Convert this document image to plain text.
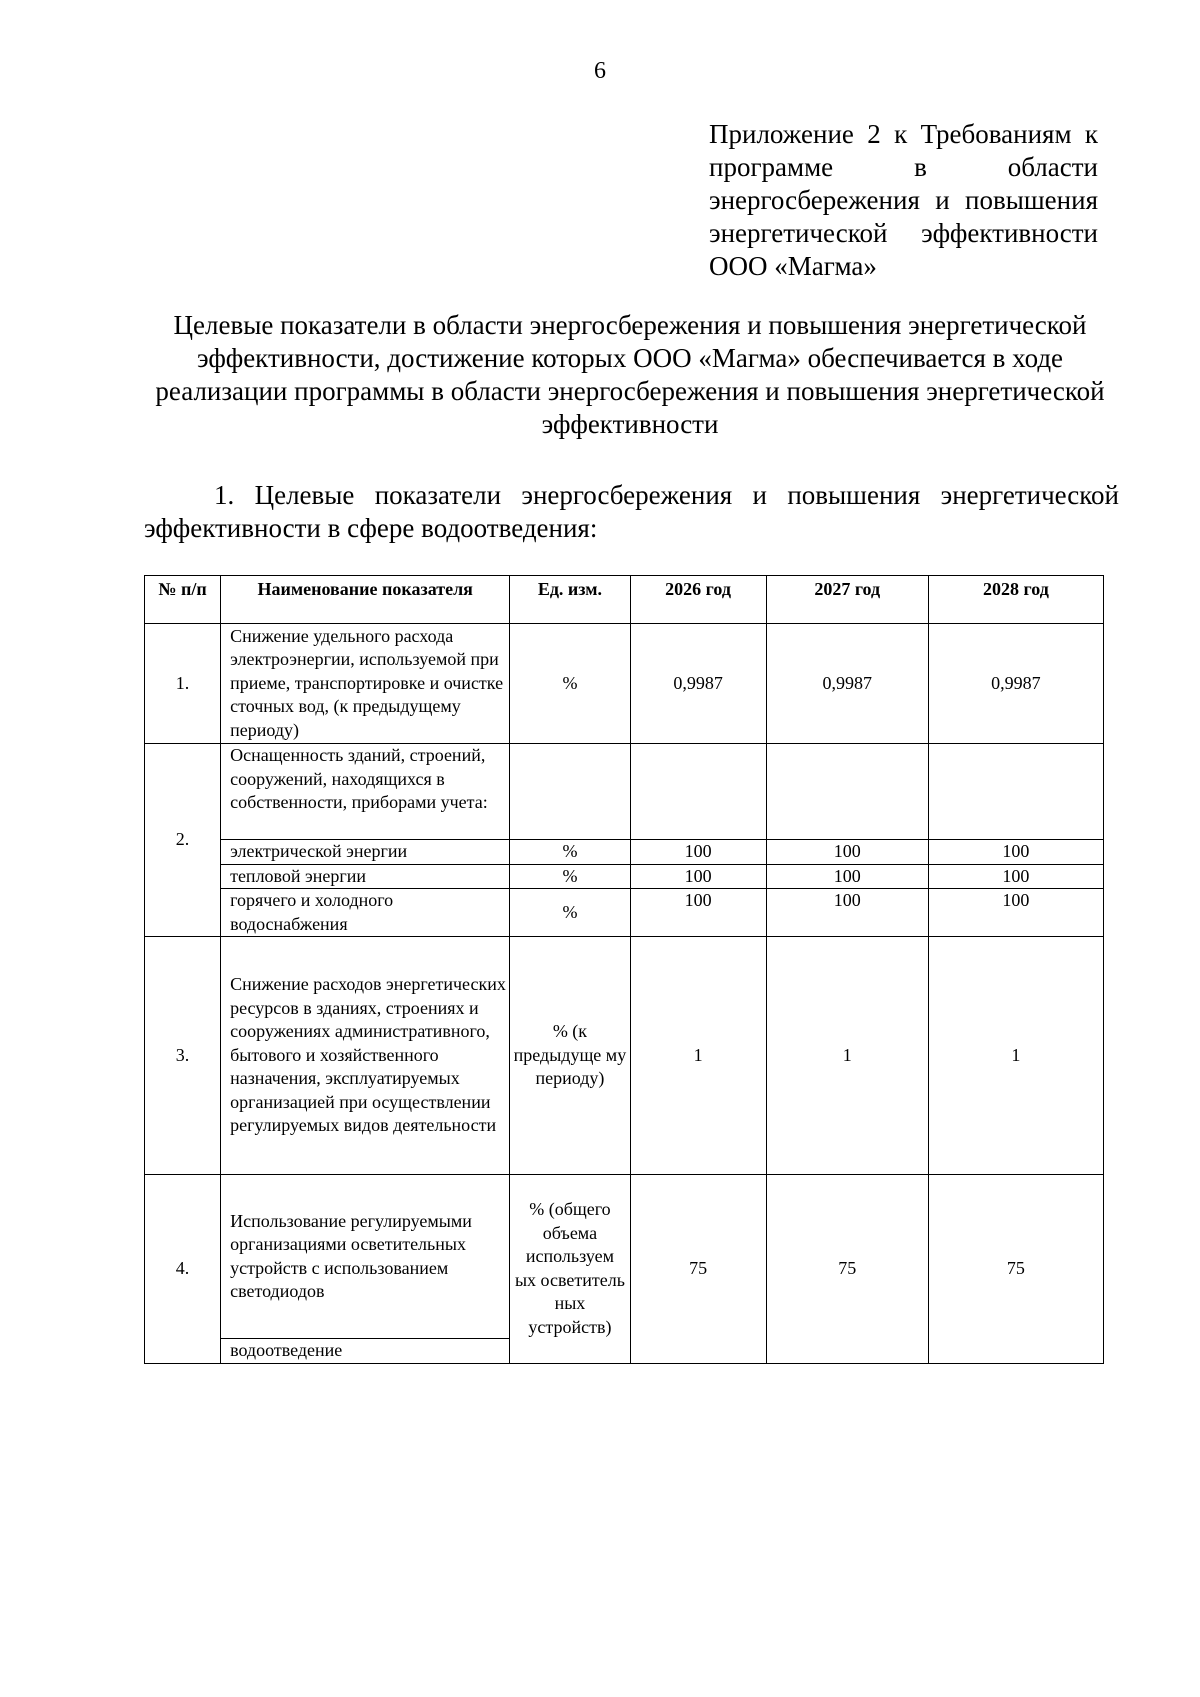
6
Приложение 2 к Требованиям к программе в области энергосбережения и повышения энергетической эффективности ООО «Магма»
Целевые показатели в области энергосбережения и повышения энергетической эффективности, достижение которых ООО «Магма» обеспечивается в ходе реализации программы в области энергосбережения и повышения энергетической эффективности
1. Целевые показатели энергосбережения и повышения энергетической эффективности в сфере водоотведения:
№ п/п	Наименование показателя	Ед. изм.	2026 год	2027 год	2028 год
1.	Снижение удельного расхода электроэнергии, используемой при приеме, транспортировке и очистке сточных вод, (к предыдущему периоду)	%	0,9987	0,9987	0,9987
2.	Оснащенность зданий, строений, сооружений, находящихся в собственности, приборами учета:				
	электрической энергии	%	100	100	100
	тепловой энергии	%	100	100	100
	горячего и холодного водоснабжения	%	100	100	100
3.	Снижение расходов энергетических ресурсов в зданиях, строениях и сооружениях административного, бытового и хозяйственного назначения, эксплуатируемых организацией при осуществлении регулируемых видов деятельности	% (к предыдуще му периоду)	1	1	1
4.	Использование регулируемыми организациями осветительных устройств с использованием светодиодов	% (общего объема используем ых осветитель ных устройств)	75	75	75
	водоотведение				
